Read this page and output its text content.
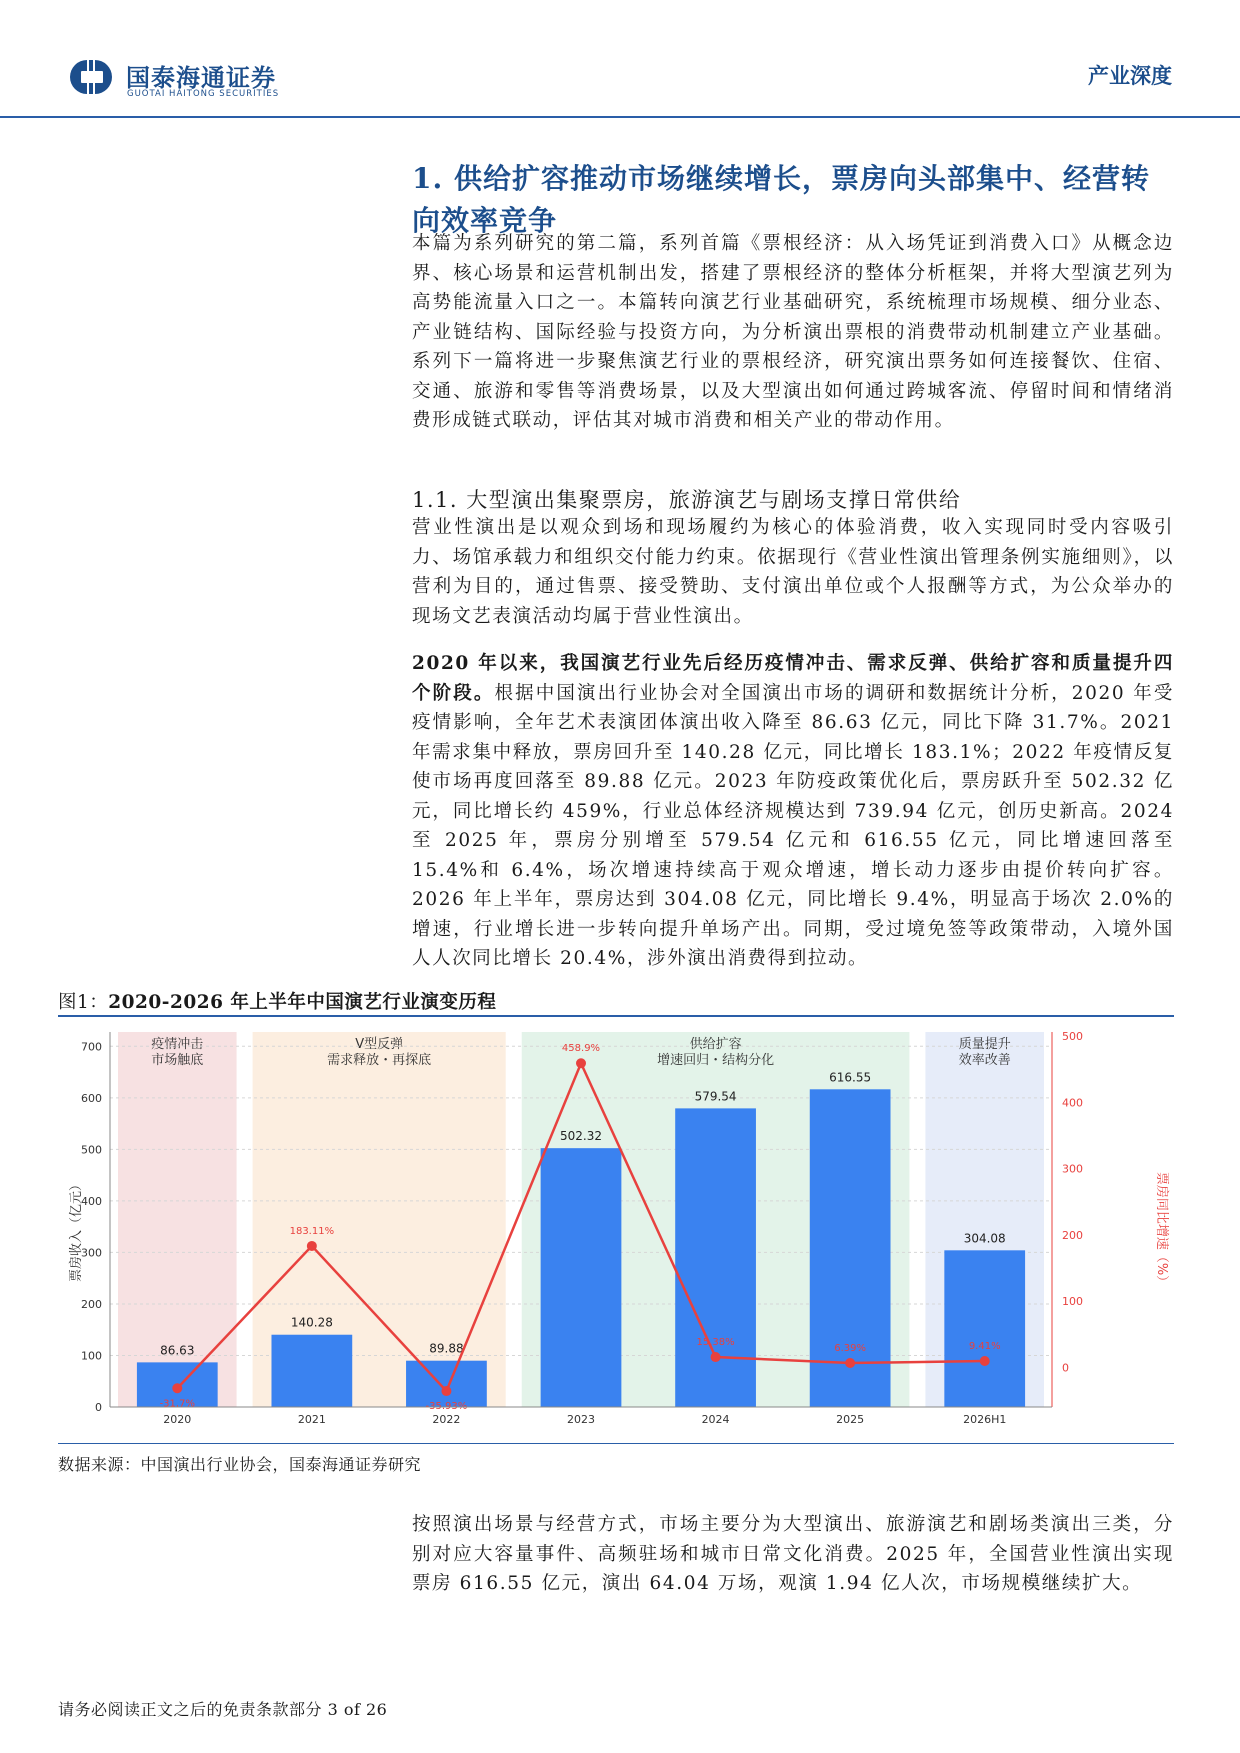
国泰海通证券
GUOTAI HAITONG SECURITIES
产业深度
1. 供给扩容推动市场继续增长，票房向头部集中、经营转向效率竞争
本篇为系列研究的第二篇，系列首篇《票根经济：从入场凭证到消费入口》从概念边界、核心场景和运营机制出发，搭建了票根经济的整体分析框架，并将大型演艺列为高势能流量入口之一。本篇转向演艺行业基础研究，系统梳理市场规模、细分业态、产业链结构、国际经验与投资方向，为分析演出票根的消费带动机制建立产业基础。系列下一篇将进一步聚焦演艺行业的票根经济，研究演出票务如何连接餐饮、住宿、交通、旅游和零售等消费场景，以及大型演出如何通过跨城客流、停留时间和情绪消费形成链式联动，评估其对城市消费和相关产业的带动作用。
1.1. 大型演出集聚票房，旅游演艺与剧场支撑日常供给
营业性演出是以观众到场和现场履约为核心的体验消费，收入实现同时受内容吸引力、场馆承载力和组织交付能力约束。依据现行《营业性演出管理条例实施细则》，以营利为目的，通过售票、接受赞助、支付演出单位或个人报酬等方式，为公众举办的现场文艺表演活动均属于营业性演出。
2020 年以来，我国演艺行业先后经历疫情冲击、需求反弹、供给扩容和质量提升四个阶段。根据中国演出行业协会对全国演出市场的调研和数据统计分析，2020 年受疫情影响，全年艺术表演团体演出收入降至 86.63 亿元，同比下降 31.7%。2021 年需求集中释放，票房回升至 140.28 亿元，同比增长 183.1%；2022 年疫情反复使市场再度回落至 89.88 亿元。2023 年防疫政策优化后，票房跃升至 502.32 亿元，同比增长约 459%，行业总体经济规模达到 739.94 亿元，创历史新高。2024 至 2025 年，票房分别增至 579.54 亿元和 616.55 亿元，同比增速回落至 15.4%和 6.4%，场次增速持续高于观众增速，增长动力逐步由提价转向扩容。2026 年上半年，票房达到 304.08 亿元，同比增长 9.4%，明显高于场次 2.0%的增速，行业增长进一步转向提升单场产出。同期，受过境免签等政策带动，入境外国人人次同比增长 20.4%，涉外演出消费得到拉动。
图1：2020-2026 年上半年中国演艺行业演变历程
疫情冲击
市场触底
V型反弹
需求释放・再探底
供给扩容
增速回归・结构分化
质量提升
效率改善
86.63
140.28
89.88
502.32
579.54
616.55
304.08
-31.7%
183.11%
-35.93%
458.9%
15.38%
6.39%	9.41%
0
100
200
300
400
500
600
700
0
100
200
300
400
500
2020	2021	2022	2023	2024	2025	2026H1
票房收入（亿元）	票房同比增速（%）
数据来源：中国演出行业协会，国泰海通证券研究
按照演出场景与经营方式，市场主要分为大型演出、旅游演艺和剧场类演出三类，分别对应大容量事件、高频驻场和城市日常文化消费。2025 年，全国营业性演出实现票房 616.55 亿元，演出 64.04 万场，观演 1.94 亿人次，市场规模继续扩大。
请务必阅读正文之后的免责条款部分 3 of 26
